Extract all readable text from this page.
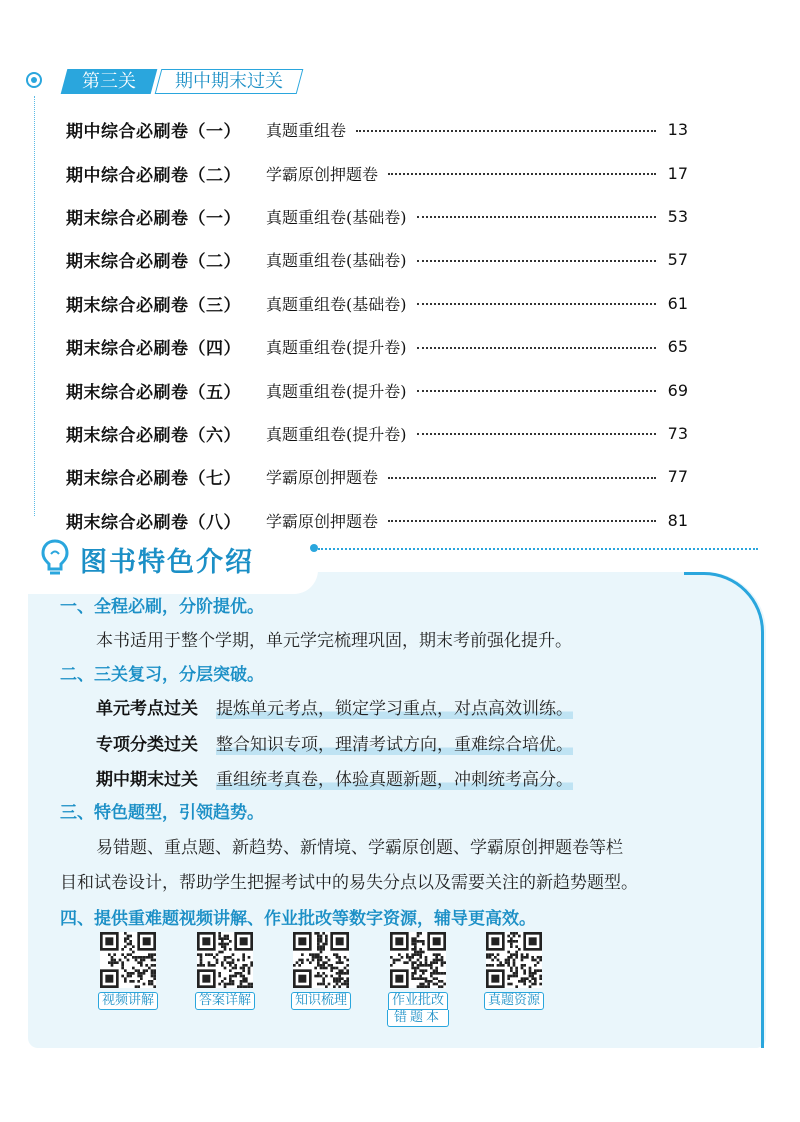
第三关	期中期末过关
期中综合必刷卷（一）	真题重组卷	13
期中综合必刷卷（二）	学霸原创押题卷	17
期末综合必刷卷（一）	真题重组卷(基础卷)	53
期末综合必刷卷（二）	真题重组卷(基础卷)	57
期末综合必刷卷（三）	真题重组卷(基础卷)	61
期末综合必刷卷（四）	真题重组卷(提升卷)	65
期末综合必刷卷（五）	真题重组卷(提升卷)	69
期末综合必刷卷（六）	真题重组卷(提升卷)	73
期末综合必刷卷（七）	学霸原创押题卷	77
期末综合必刷卷（八）	学霸原创押题卷	81
图书特色介绍
一、全程必刷，分阶提优。
本书适用于整个学期，单元学完梳理巩固，期末考前强化提升。
二、三关复习，分层突破。
单元考点过关 提炼单元考点，锁定学习重点，对点高效训练。
专项分类过关 整合知识专项，理清考试方向，重难综合培优。
期中期末过关 重组统考真卷，体验真题新题，冲刺统考高分。
三、特色题型，引领趋势。
易错题、重点题、新趋势、新情境、学霸原创题、学霸原创押题卷等栏
目和试卷设计，帮助学生把握考试中的易失分点以及需要关注的新趋势题型。
四、提供重难题视频讲解、作业批改等数字资源，辅导更高效。
视频讲解	答案详解	知识梳理	作业批改
错题本
真题资源
